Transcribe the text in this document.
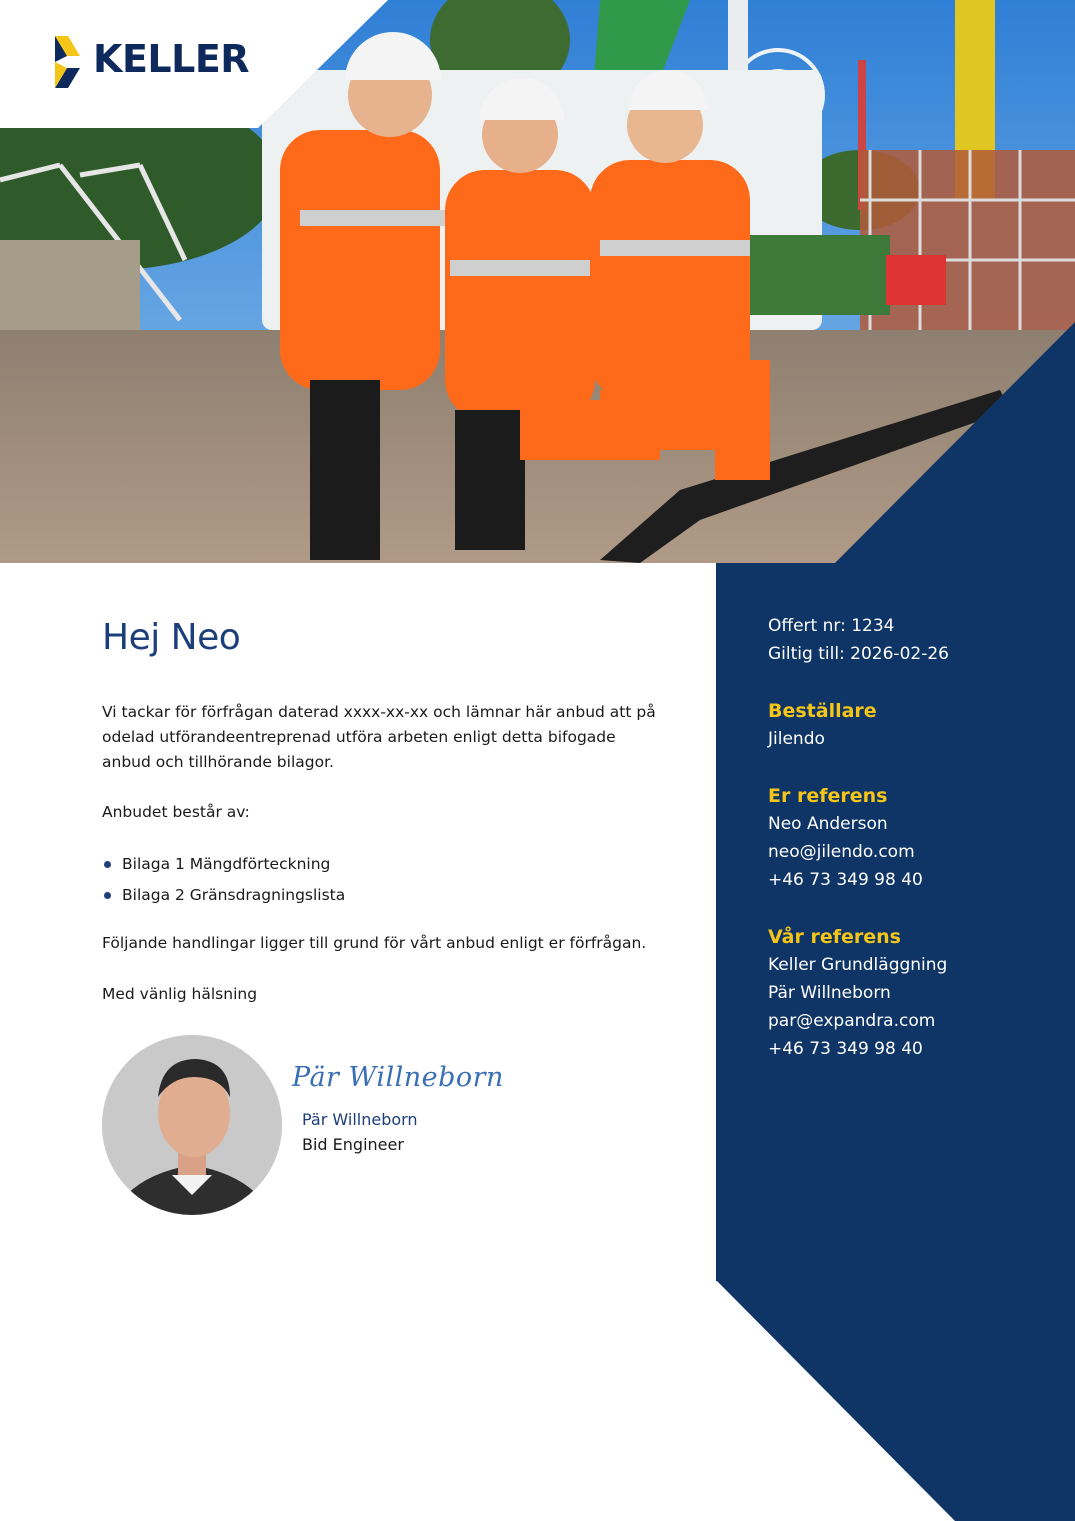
KELLER
Offert nr: 1234
Giltig till: 2026-02-26
Beställare
Jilendo
Er referens
Neo Anderson
neo@jilendo.com
+46 73 349 98 40
Vår referens
Keller Grundläggning
Pär Willneborn
par@expandra.com
+46 73 349 98 40
Hej Neo

Vi tackar för förfrågan daterad xxxx-xx-xx och lämnar här anbud att på odelad utförandeentreprenad utföra arbeten enligt detta bifogade anbud och tillhörande bilagor.

Anbudet består av:

Bilaga 1 Mängdförteckning
Bilaga 2 Gränsdragningslista

Följande handlingar ligger till grund för vårt anbud enligt er förfrågan.

Med vänlig hälsning

Pär Willneborn
Pär Willneborn
Bid Engineer
